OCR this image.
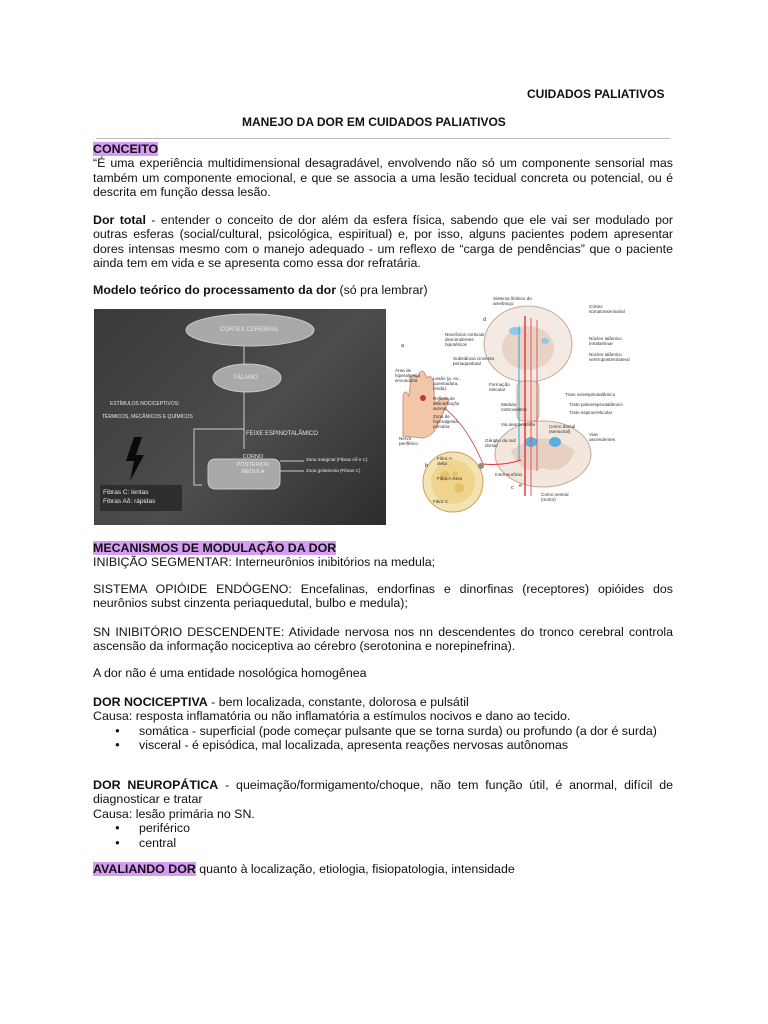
CUIDADOS PALIATIVOS
MANEJO DA DOR EM CUIDADOS PALIATIVOS

CONCEITO

“É uma experiência multidimensional desagradável, envolvendo não só um componente sensorial mas também um componente emocional, e que se associa a uma lesão tecidual concreta ou potencial, ou é descrita em função dessa lesão.

Dor total - entender o conceito de dor além da esfera física, sabendo que ele vai ser modulado por outras esferas (social/cultural, psicológica, espiritual) e, por isso, alguns pacientes podem apresentar dores intensas mesmo com o manejo adequado - um reflexo de “carga de pendências” que o paciente ainda tem em vida e se apresenta como essa dor refratária.

Modelo teórico do processamento da dor (só pra lembrar)

CORTEX CEREBRAL
TÁLAMO
ESTÍMULOS NOCICEPTIVOS:
TÉRMICOS, MECÂNICOS E QUÍMICOS
FEIXE ESPINOTALÂMICO
CORNO
POSTERIOR
MEDULA
Zona marginal (Fibras Aδ e C)
Zona gelatinosa (Fibras C)
Fibras C: lentas
Fibras Aδ: rápidas
Sistema límbico do amebraço
Córtex somatossensorial
Neurônios corticais descendentes hipotéticos
Substância cinzenta periaquedutal
Núcleo talâmico intralaminar
Núcleo talâmico ventroposterolateral
Área de hiperalgesia secundária	Lesão (p. ex., queimadura, ferida)
Reflexo de exacerbação axonal
Zona de hiperalgesia primária
Formação reticular
Medula rostroventral
Trato neoespinotalâmico
Trato paleoespinotalâmico
Trato espinorreticular
Via descendente	Corno dorsal (sensorial)
Vias ascendentes
Nervo periférico
Gânglio da raiz dorsal
Fibra A-delta
Fibra A-beta
Fibra C
Interneurônio
Corno ventral (motor)
a
b
c
d
e

MECANISMOS DE MODULAÇÃO DA DOR

INIBIÇÃO SEGMENTAR: Interneurônios inibitórios na medula;

SISTEMA OPIÓIDE ENDÓGENO: Encefalinas, endorfinas e dinorfinas (receptores) opióides dos neurônios subst cinzenta periaquedutal, bulbo e medula);
SN INIBITÓRIO DESCENDENTE: Atividade nervosa nos nn descendentes do tronco cerebral controla ascensão da informação nociceptiva ao cérebro (serotonina e norepinefrina).
A dor não é uma entidade nosológica homogênea

DOR NOCICEPTIVA - bem localizada, constante, dolorosa e pulsátil

Causa: resposta inflamatória ou não inflamatória a estímulos nocivos e dano ao tecido.

● somática - superficial (pode começar pulsante que se torna surda) ou profundo (a dor é surda)
● visceral - é episódica, mal localizada, apresenta reações nervosas autônomas

DOR NEUROPÁTICA - queimação/formigamento/choque, não tem função útil, é anormal, difícil de diagnosticar e tratar

Causa: lesão primária no SN.

● periférico
● central

AVALIANDO DOR quanto à localização, etiologia, fisiopatologia, intensidade
